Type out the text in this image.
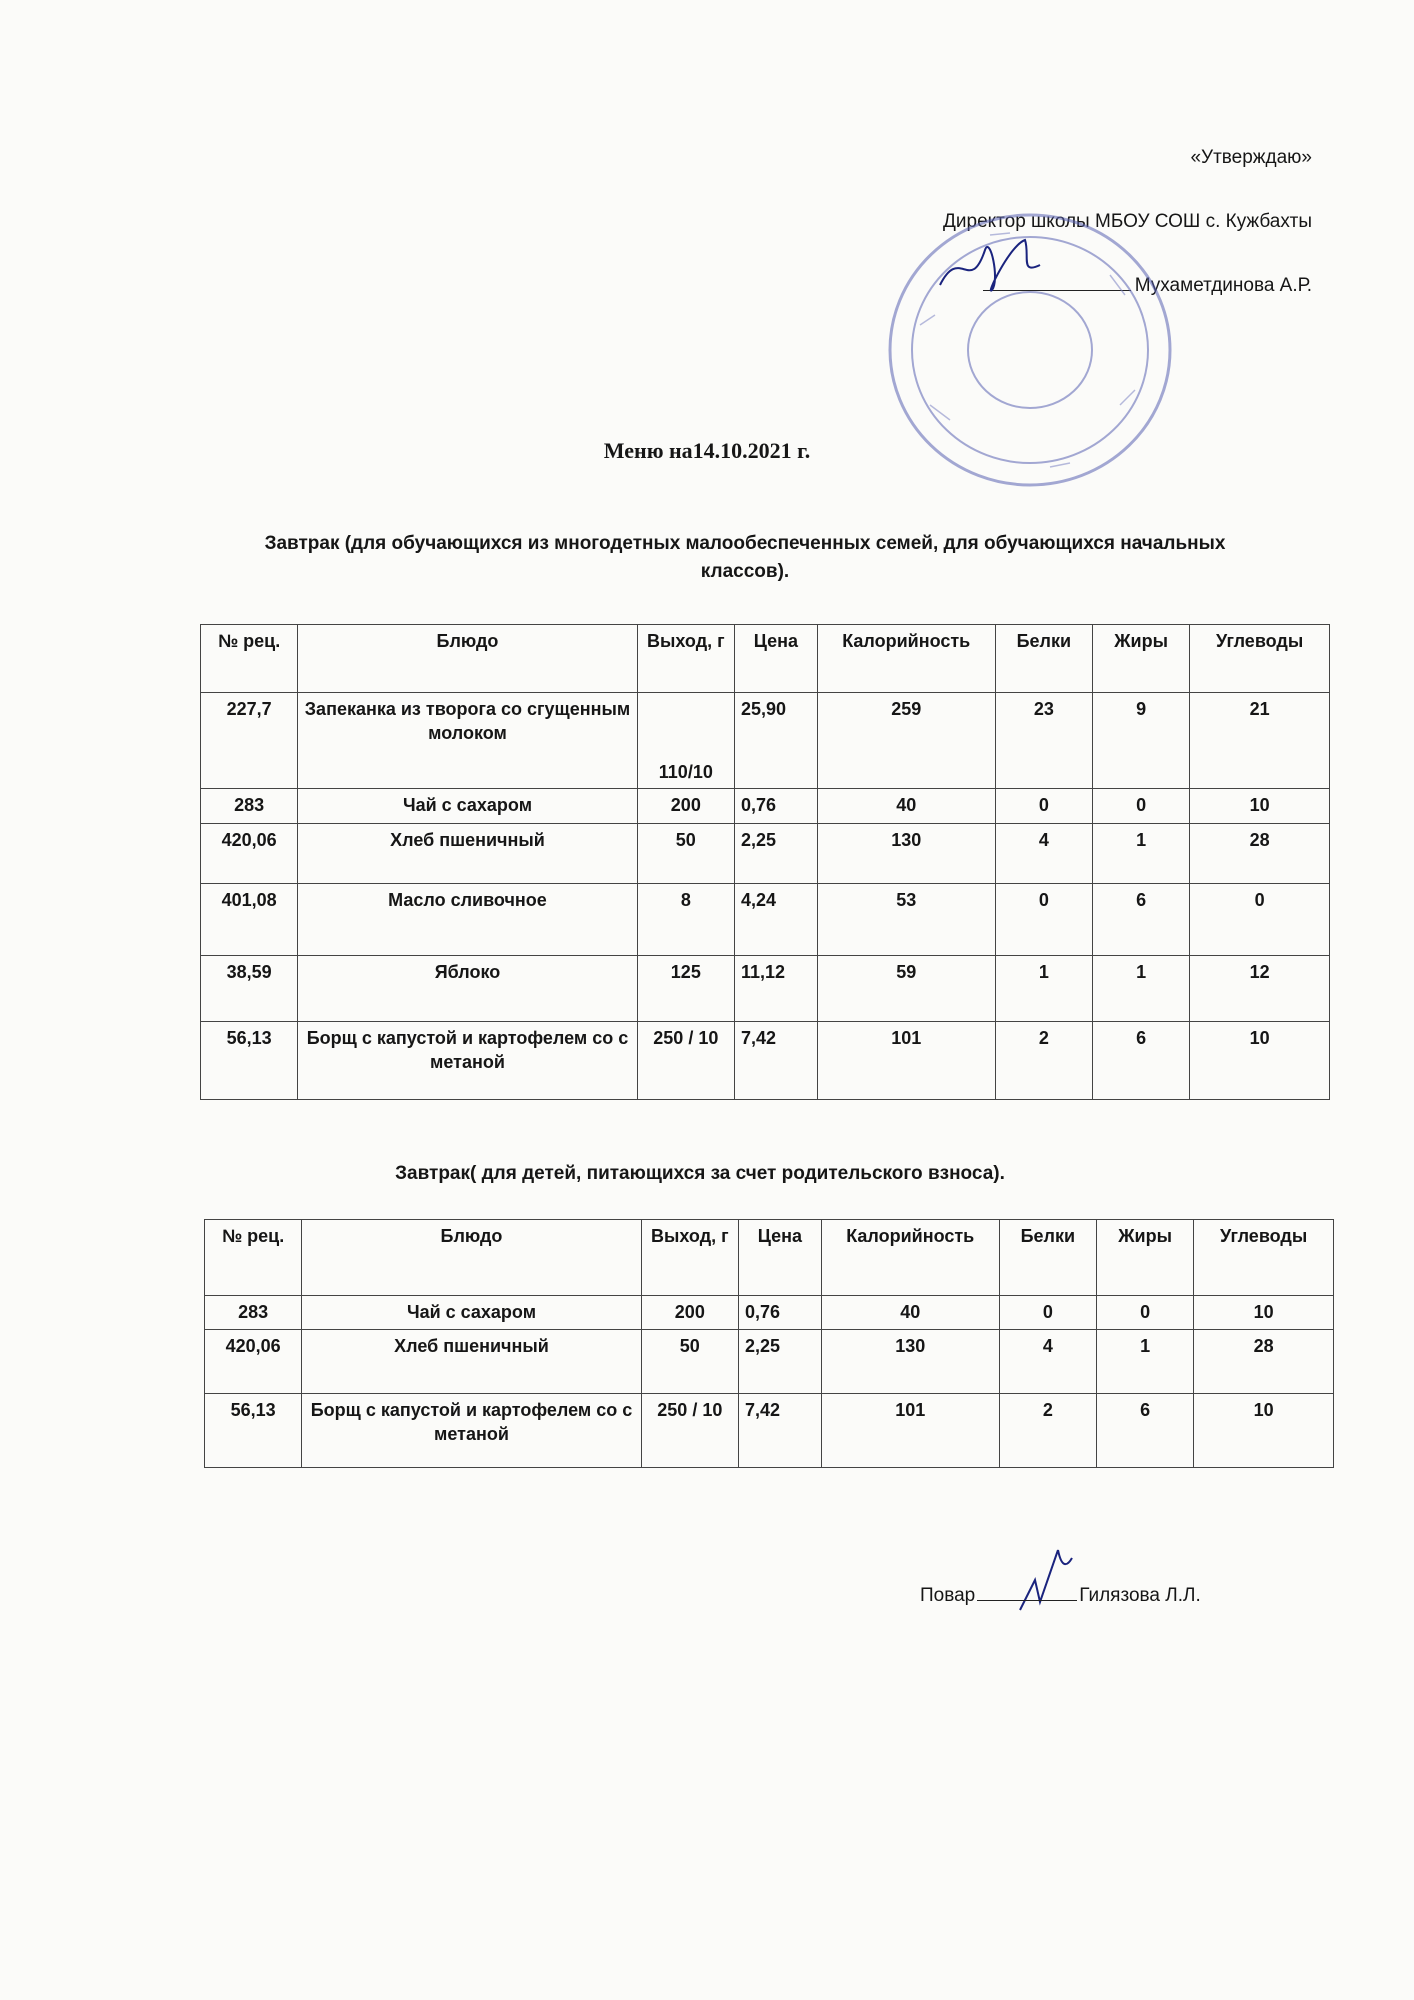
«Утверждаю»
Директор школы МБОУ СОШ с. Кужбахты
Мухаметдинова А.Р.
Меню на14.10.2021 г.
Завтрак (для обучающихся из многодетных малообеспеченных семей, для обучающихся начальных классов).
№ рец.	Блюдо	Выход, г	Цена	Калорийность	Белки	Жиры	Углеводы
227,7	Запеканка из творога со сгущенным молоком	110/10	25,90	259	23	9	21
283	Чай с сахаром	200	0,76	40	0	0	10
420,06	Хлеб пшеничный	50	2,25	130	4	1	28
401,08	Масло сливочное	8	4,24	53	0	6	0
38,59	Яблоко	125	11,12	59	1	1	12
56,13	Борщ с капустой и картофелем со сметаной	250 / 10	7,42	101	2	6	10
Завтрак( для детей, питающихся за счет родительского взноса).
№ рец.	Блюдо	Выход, г	Цена	Калорийность	Белки	Жиры	Углеводы
283	Чай с сахаром	200	0,76	40	0	0	10
420,06	Хлеб пшеничный	50	2,25	130	4	1	28
56,13	Борщ с капустой и картофелем со сметаной	250 / 10	7,42	101	2	6	10
Повар	Гилязова Л.Л.
